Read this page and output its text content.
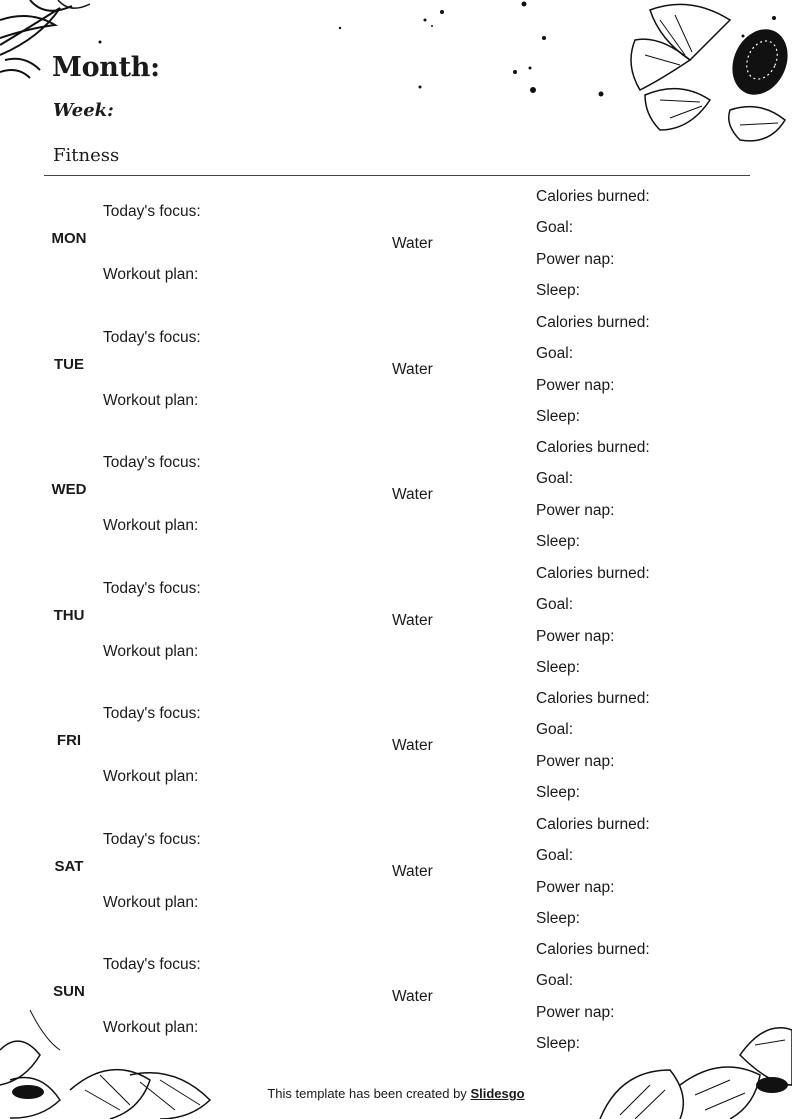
Month:
Week:
Fitness
MON
Today's focus:
Workout plan:
Water
Calories burned:
Goal:
Power nap:
Sleep:
TUE
Today's focus:
Workout plan:
Water
Calories burned:
Goal:
Power nap:
Sleep:
WED
Today's focus:
Workout plan:
Water
Calories burned:
Goal:
Power nap:
Sleep:
THU
Today's focus:
Workout plan:
Water
Calories burned:
Goal:
Power nap:
Sleep:
FRI
Today's focus:
Workout plan:
Water
Calories burned:
Goal:
Power nap:
Sleep:
SAT
Today's focus:
Workout plan:
Water
Calories burned:
Goal:
Power nap:
Sleep:
SUN
Today's focus:
Workout plan:
Water
Calories burned:
Goal:
Power nap:
Sleep:
This template has been created by Slidesgo
